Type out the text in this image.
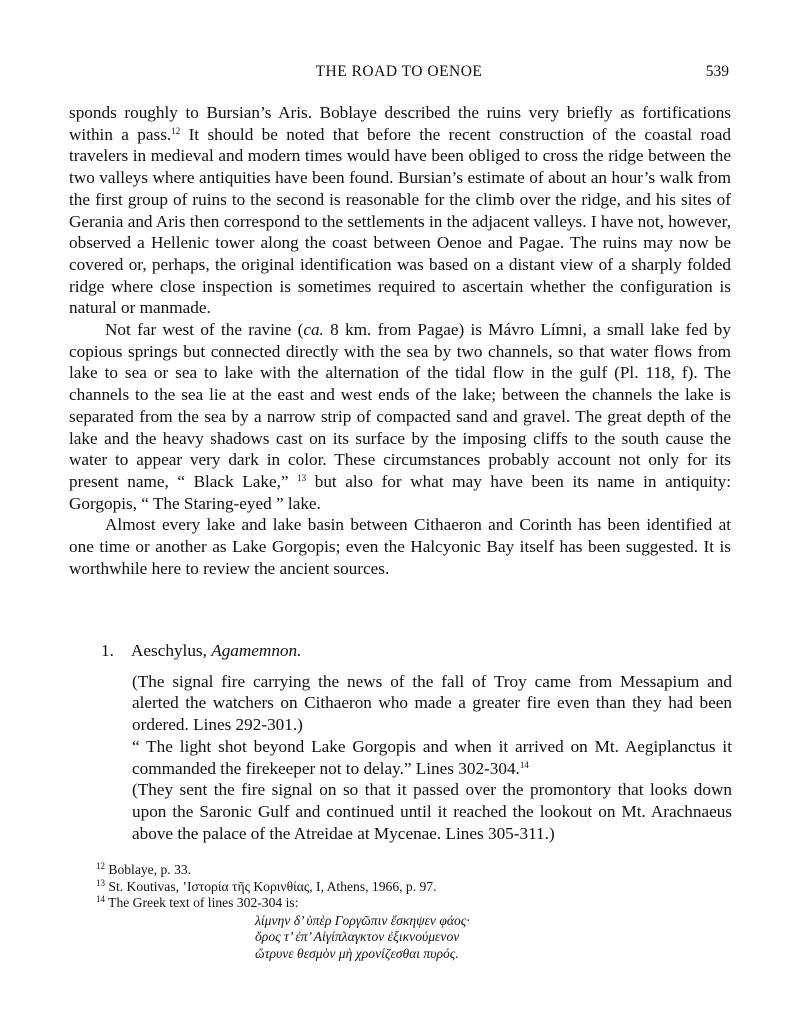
THE ROAD TO OENOE	539

sponds roughly to Bursian’s Aris. Boblaye described the ruins very briefly as fortifications within a pass.$^{12}$ It should be noted that before the recent construction of the coastal road travelers in medieval and modern times would have been obliged to cross the ridge between the two valleys where antiquities have been found. Bursian’s estimate of about an hour’s walk from the first group of ruins to the second is reasonable for the climb over the ridge, and his sites of Gerania and Aris then correspond to the settlements in the adjacent valleys. I have not, however, observed a Hellenic tower along the coast between Oenoe and Pagae. The ruins may now be covered or, perhaps, the original identification was based on a distant view of a sharply folded ridge where close inspection is sometimes required to ascertain whether the configuration is natural or manmade.

Not far west of the ravine (ca. 8 km. from Pagae) is Mávro Límni, a small lake fed by copious springs but connected directly with the sea by two channels, so that water flows from lake to sea or sea to lake with the alternation of the tidal flow in the gulf (Pl. 118, f). The channels to the sea lie at the east and west ends of the lake; between the channels the lake is separated from the sea by a narrow strip of compacted sand and gravel. The great depth of the lake and the heavy shadows cast on its surface by the imposing cliffs to the south cause the water to appear very dark in color. These circumstances probably account not only for its present name, “ Black Lake,” $^{13}$ but also for what may have been its name in antiquity: Gorgopis, “ The Staring-eyed ” lake.

Almost every lake and lake basin between Cithaeron and Corinth has been identified at one time or another as Lake Gorgopis; even the Halcyonic Bay itself has been suggested. It is worthwhile here to review the ancient sources.

1. Aeschylus, Agamemnon.

(The signal fire carrying the news of the fall of Troy came from Messapium and alerted the watchers on Cithaeron who made a greater fire even than they had been ordered. Lines 292-301.)

“ The light shot beyond Lake Gorgopis and when it arrived on Mt. Aegiplanctus it commanded the firekeeper not to delay.” Lines 302-304.14

(They sent the fire signal on so that it passed over the promontory that looks down upon the Saronic Gulf and continued until it reached the lookout on Mt. Arachnaeus above the palace of the Atreidae at Mycenae. Lines 305-311.)

$^{12}$ Boblaye, p. 33.

$^{13}$ St. Koutivas, ’Ιστορία τῆς Κορινθίας, I, Athens, 1966, p. 97.

$^{14}$ The Greek text of lines 302-304 is:

λίμνην δ’ ὑπὲρ Γοργῶπιν ἔσκηψεν φάος·
ὄρος τ’ ἐπ’ Αἰγίπλαγκτον ἐξικνούμενον
ὤτρυνε θεσμὸν μὴ χρονίζεσθαι πυρός.
